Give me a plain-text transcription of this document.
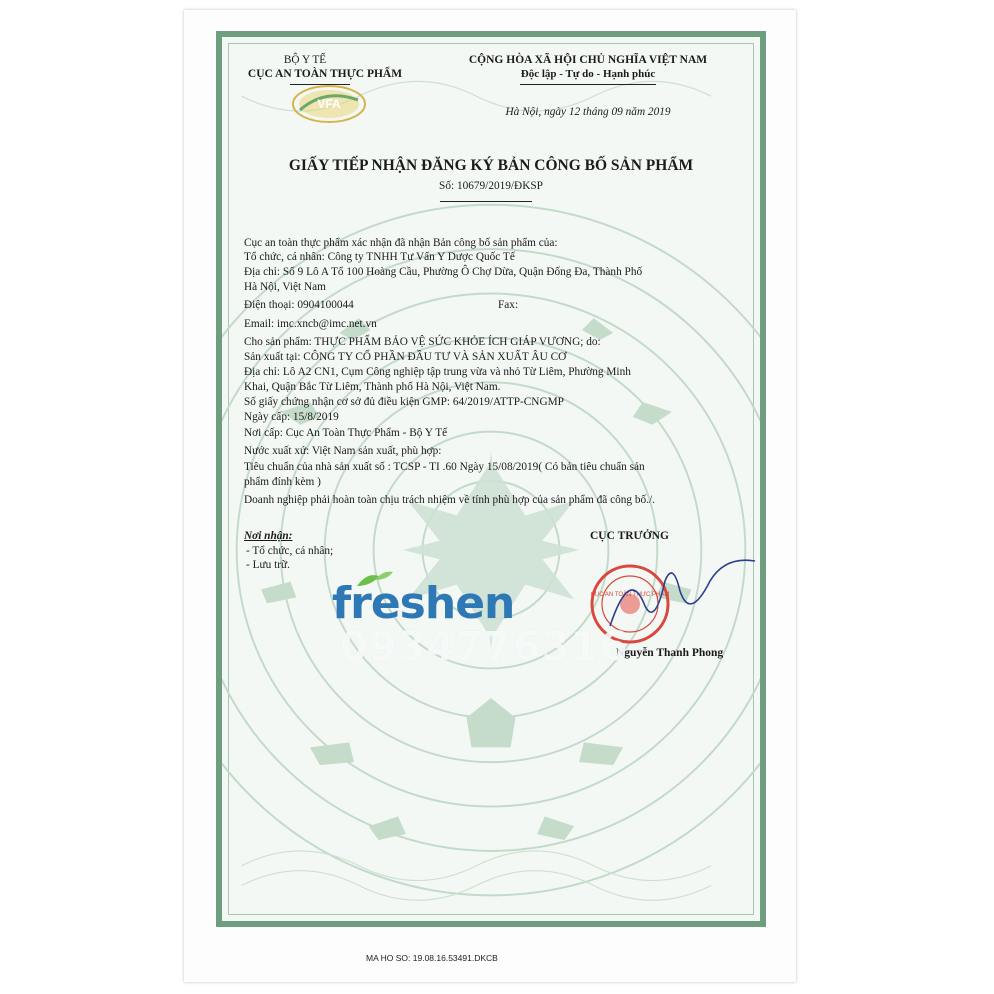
VFA
BỘ Y TẾ
CỤC AN TOÀN THỰC PHẨM
CỘNG HÒA XÃ HỘI CHỦ NGHĨA VIỆT NAM
Độc lập - Tự do - Hạnh phúc
Hà Nội, ngày 12 tháng 09 năm 2019
GIẤY TIẾP NHẬN ĐĂNG KÝ BẢN CÔNG BỐ SẢN PHẨM
Số: 10679/2019/ĐKSP
Cục an toàn thực phẩm xác nhận đã nhận Bản công bố sản phẩm của:
Tổ chức, cá nhân: Công ty TNHH Tư Vấn Y Dược Quốc Tế
Địa chỉ: Số 9 Lô A Tổ 100 Hoàng Cầu, Phường Ô Chợ Dừa, Quận Đống Đa, Thành Phố
Hà Nội, Việt Nam
Điện thoại: 0904100044	Fax:
Email: imc.xncb@imc.net.vn
Cho sản phẩm: THỰC PHẨM BẢO VỆ SỨC KHỎE ÍCH GIÁP VƯƠNG; do:
Sản xuất tại: CÔNG TY CỔ PHẦN ĐẦU TƯ VÀ SẢN XUẤT ÂU CƠ
Địa chỉ: Lô A2 CN1, Cụm Công nghiệp tập trung vừa và nhỏ Từ Liêm, Phường Minh
Khai, Quận Bắc Từ Liêm, Thành phố Hà Nội, Việt Nam.
Số giấy chứng nhận cơ sở đủ điều kiện GMP: 64/2019/ATTP-CNGMP
Ngày cấp: 15/8/2019
Nơi cấp: Cục An Toàn Thực Phẩm - Bộ Y Tế
Nước xuất xứ: Việt Nam sản xuất, phù hợp:
Tiêu chuẩn của nhà sản xuất số : TCSP - TI .60 Ngày 15/08/2019( Có bản tiêu chuẩn sản
phẩm đính kèm )
Doanh nghiệp phải hoàn toàn chịu trách nhiệm về tính phù hợp của sản phẩm đã công bố./.
Nơi nhận:
- Tổ chức, cá nhân;
- Lưu trữ.
CỤC TRƯỞNG
CỤC AN TOÀN THỰC PHẨM
Nguyễn Thanh Phong
freshen
0934776316
MA HO SO: 19.08.16.53491.DKCB
